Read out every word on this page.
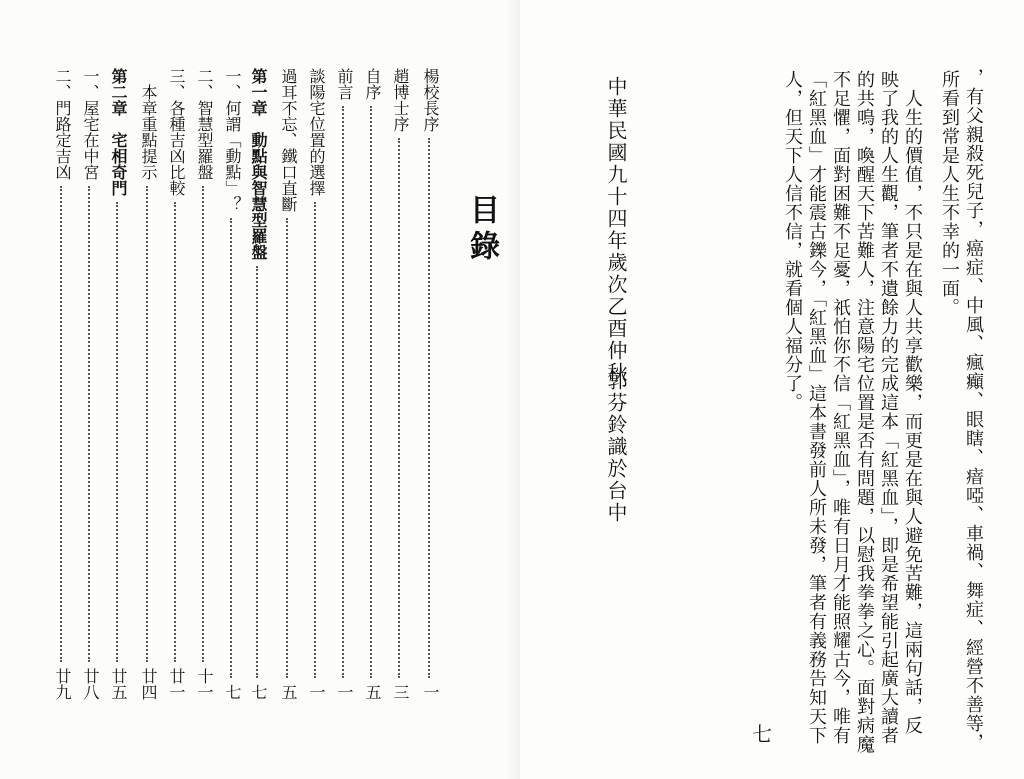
目錄
楊校長序
一
趙博士序
三
自序
五
前言
一
談陽宅位置的選擇
一
過耳不忘、鐵口直斷
五
第一章　動點與智慧型羅盤
七
一、何謂「動點」？
七
二、智慧型羅盤
十一
三、各種吉凶比較
廿一
　本章重點提示
廿四
第二章　宅相奇門
廿五
一、屋宅在中宮
廿八
二、門路定吉凶
廿九
中華民國九十四年歲次乙酉仲秋
郭芬鈴識於台中	，有父親殺死兒子，癌症、中風、瘋癲、眼瞎、瘖啞、車禍、舞症、經營不善等，
所看到常是人生不幸的一面。
　人生的價值，不只是在與人共享歡樂，而更是在與人避免苦難，這兩句話，反
映了我的人生觀，筆者不遺餘力的完成這本「紅黑血」，即是希望能引起廣大讀者
的共鳴，喚醒天下苦難人，注意陽宅位置是否有問題，以慰我拳拳之心。面對病魔
不足懼，面對困難不足憂，祇怕你不信「紅黑血」，唯有日月才能照耀古今，唯有
「紅黑血」才能震古鑠今，「紅黑血」這本書發前人所未發，筆者有義務告知天下
人，但天下人信不信，就看個人福分了。
七
